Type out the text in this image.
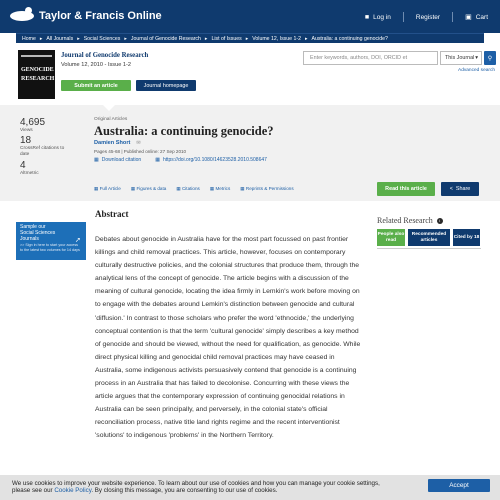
Taylor & Francis Online	■ Log in	Register	▣ Cart
Home ▸ All Journals ▸ Social Sciences ▸ Journal of Genocide Research ▸ List of Issues ▸ Volume 12, Issue 1-2 ▸ Australia: a continuing genocide?
GENOCIDE
RESEARCH
Journal of Genocide Research
Volume 12, 2010 - Issue 1-2
Submit an article	Journal homepage
Enter keywords, authors, DOI, ORCID et
This Journal ▾ ⚲
Advanced search
4,695
Views
18
CrossRef citations to date
4
Altmetric
Original Articles
Australia: a continuing genocide?
Damien Short ✉
Pages 45-68 | Published online: 27 Sep 2010
▦ Download citation	▦ https://doi.org/10.1080/14623528.2010.508647
▦ Full Article ▦ Figures & data ▦ Citations ▦ Metrics ▦ Reprints & Permissions	Read this article	< Share
Sample our
Social Sciences
Journals
>> Sign in here to start your access to the latest two volumes for 14 days
➚
Abstract
Debates about genocide in Australia have for the most part focussed on past frontier killings and child removal practices. This article, however, focuses on contemporary culturally destructive policies, and the colonial structures that produce them, through the analytical lens of the concept of genocide. The article begins with a discussion of the meaning of cultural genocide, locating the idea firmly in Lemkin's work before moving on to engage with the debates around Lemkin's distinction between genocide and cultural 'diffusion.' In contrast to those scholars who prefer the word 'ethnocide,' the underlying conceptual contention is that the term 'cultural genocide' simply describes a key method of genocide and should be viewed, without the need for qualification, as genocide. While direct physical killing and genocidal child removal practices may have ceased in Australia, some indigenous activists persuasively contend that genocide is a continuing process in an Australia that has failed to decolonise. Concurring with these views the article argues that the contemporary expression of continuing genocidal relations in Australia can be seen principally, and perversely, in the colonial state's official reconciliation process, native title land rights regime and the recent interventionist 'solutions' to indigenous 'problems' in the Northern Territory.
Related Research	i
People also read
Recommended articles
Cited by 18
We use cookies to improve your website experience. To learn about our use of cookies and how you can manage your cookie settings,
please see our Cookie Policy. By closing this message, you are consenting to our use of cookies.
Accept
